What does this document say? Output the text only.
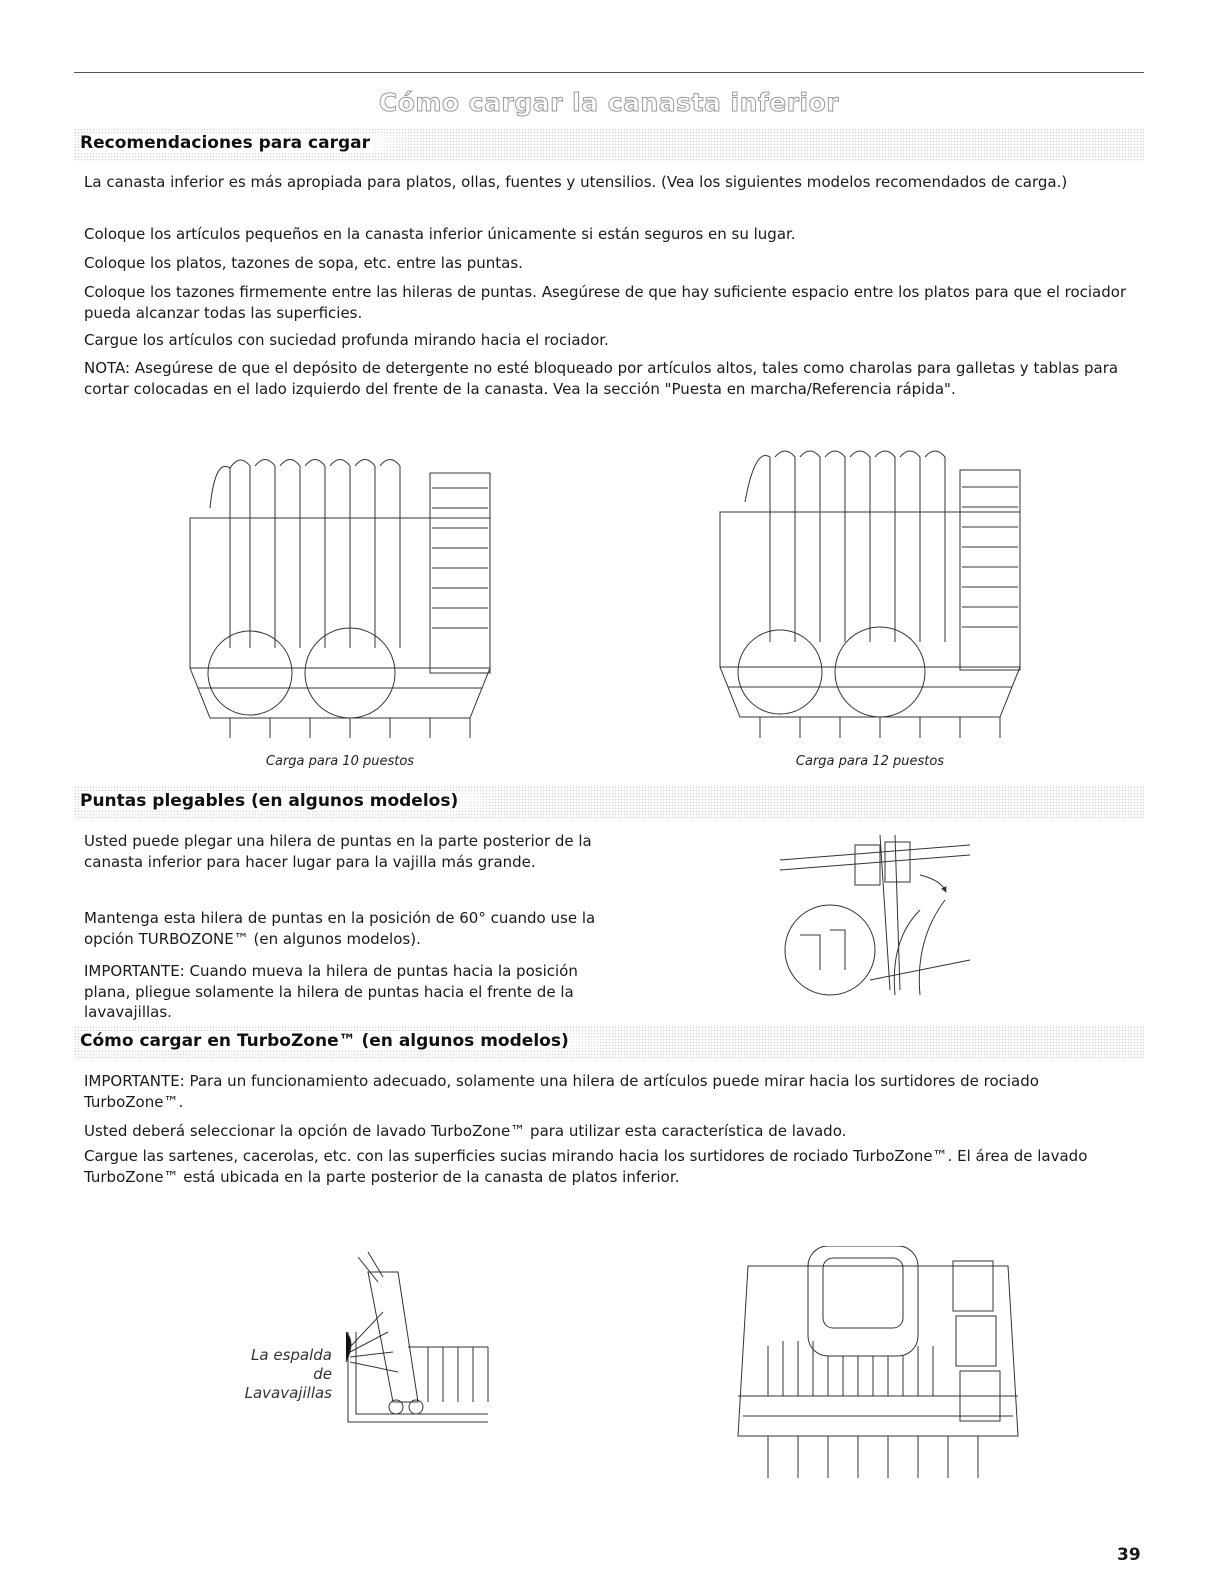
Cómo cargar la canasta inferior
Recomendaciones para cargar

La canasta inferior es más apropiada para platos, ollas, fuentes y utensilios. (Vea los siguientes modelos recomendados de carga.)

Coloque los artículos pequeños en la canasta inferior únicamente si están seguros en su lugar.

Coloque los platos, tazones de sopa, etc. entre las puntas.

Coloque los tazones firmemente entre las hileras de puntas. Asegúrese de que hay suficiente espacio entre los platos para que el rociador pueda alcanzar todas las superficies.

Cargue los artículos con suciedad profunda mirando hacia el rociador.

NOTA: Asegúrese de que el depósito de detergente no esté bloqueado por artículos altos, tales como charolas para galletas y tablas para cortar colocadas en el lado izquierdo del frente de la canasta. Vea la sección "Puesta en marcha/Referencia rápida".

Carga para 10 puestos	Carga para 12 puestos
Puntas plegables (en algunos modelos)

Usted puede plegar una hilera de puntas en la parte posterior de la canasta inferior para hacer lugar para la vajilla más grande.

Mantenga esta hilera de puntas en la posición de 60° cuando use la opción TURBOZONE™ (en algunos modelos).

IMPORTANTE: Cuando mueva la hilera de puntas hacia la posición plana, pliegue solamente la hilera de puntas hacia el frente de la lavavajillas.

Cómo cargar en TurboZone™ (en algunos modelos)

IMPORTANTE: Para un funcionamiento adecuado, solamente una hilera de artículos puede mirar hacia los surtidores de rociado TurboZone™.

Usted deberá seleccionar la opción de lavado TurboZone™ para utilizar esta característica de lavado.

Cargue las sartenes, cacerolas, etc. con las superficies sucias mirando hacia los surtidores de rociado TurboZone™. El área de lavado TurboZone™ está ubicada en la parte posterior de la canasta de platos inferior.

La espalda
de
Lavavajillas
39
